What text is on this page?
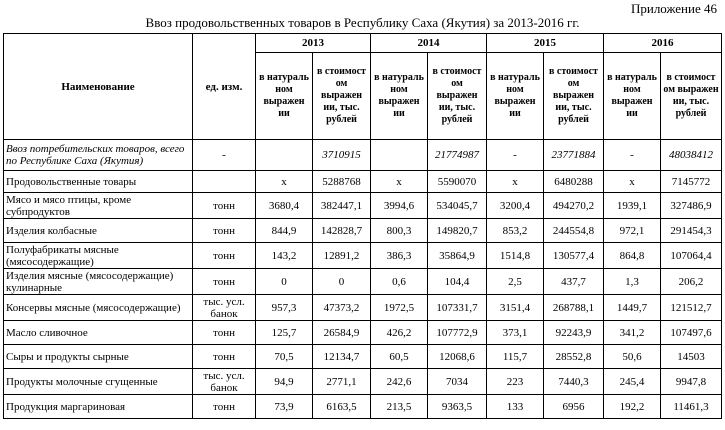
Приложение 46
Ввоз продовольственных товаров в Республику Саха (Якутия) за 2013-2016 гг.
Наименование	ед. изм.	2013		2014		2015		2016	
		в натураль ном выражен ии	в стоимост ом выражен ии, тыс. рублей	в натураль ном выражен ии	в стоимост ом выражен ии, тыс. рублей	в натураль ном выражен ии	в стоимост ом выражен ии, тыс. рублей	в натураль ном выражен ии	в стоимост ом выражен ии, тыс. рублей
Ввоз потребительских товаров, всего по Республике Саха (Якутия)	-		3710915		21774987	-	23771884	-	48038412
Продовольственные товары		х	5288768	х	5590070	х	6480288	х	7145772
Мясо и мясо птицы, кроме субпродуктов	тонн	3680,4	382447,1	3994,6	534045,7	3200,4	494270,2	1939,1	327486,9
Изделия колбасные	тонн	844,9	142828,7	800,3	149820,7	853,2	244554,8	972,1	291454,3
Полуфабрикаты мясные (мясосодержащие)	тонн	143,2	12891,2	386,3	35864,9	1514,8	130577,4	864,8	107064,4
Изделия мясные (мясосодержащие) кулинарные	тонн	0	0	0,6	104,4	2,5	437,7	1,3	206,2
Консервы мясные (мясосодержащие)	тыс. усл. банок	957,3	47373,2	1972,5	107331,7	3151,4	268788,1	1449,7	121512,7
Масло сливочное	тонн	125,7	26584,9	426,2	107772,9	373,1	92243,9	341,2	107497,6
Сыры и продукты сырные	тонн	70,5	12134,7	60,5	12068,6	115,7	28552,8	50,6	14503
Продукты молочные сгущенные	тыс. усл. банок	94,9	2771,1	242,6	7034	223	7440,3	245,4	9947,8
Продукция маргариновая	тонн	73,9	6163,5	213,5	9363,5	133	6956	192,2	11461,3
